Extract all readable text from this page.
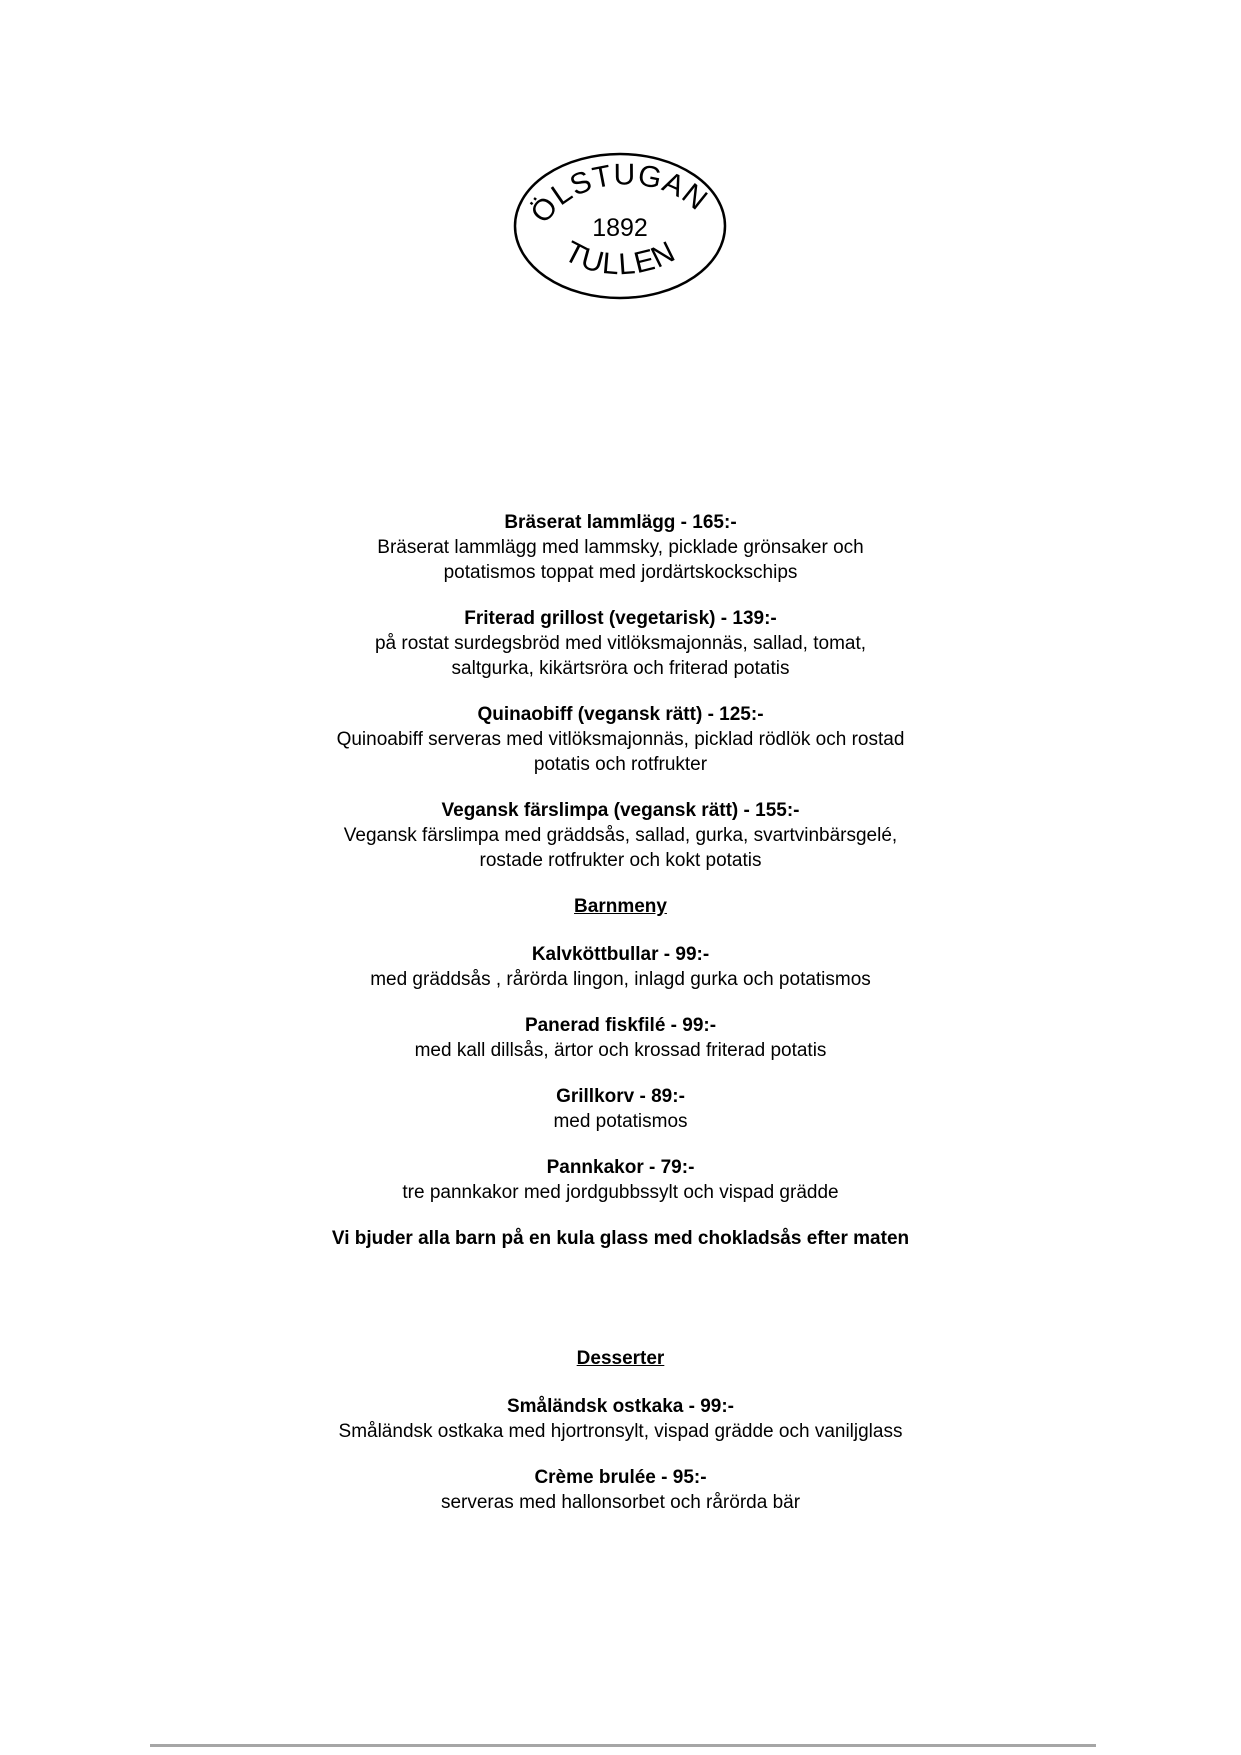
ÖLSTUGAN
1892
TULLEN
Bräserat lammlägg - 165:-
Bräserat lammlägg med lammsky, picklade grönsaker och
potatismos toppat med jordärtskockschips
Friterad grillost (vegetarisk) - 139:-
på rostat surdegsbröd med vitlöksmajonnäs, sallad, tomat,
saltgurka, kikärtsröra och friterad potatis
Quinaobiff (vegansk rätt) - 125:-
Quinoabiff serveras med vitlöksmajonnäs, picklad rödlök och rostad
potatis och rotfrukter
Vegansk färslimpa (vegansk rätt) - 155:-
Vegansk färslimpa med gräddsås, sallad, gurka, svartvinbärsgelé,
rostade rotfrukter och kokt potatis
Barnmeny
Kalvköttbullar - 99:-
med gräddsås , rårörda lingon, inlagd gurka och potatismos
Panerad fiskfilé - 99:-
med kall dillsås, ärtor och krossad friterad potatis
Grillkorv - 89:-
med potatismos
Pannkakor - 79:-
tre pannkakor med jordgubbssylt och vispad grädde
Vi bjuder alla barn på en kula glass med chokladsås efter maten
Desserter
Småländsk ostkaka - 99:-
Småländsk ostkaka med hjortronsylt, vispad grädde och vaniljglass
Crème brulée - 95:-
serveras med hallonsorbet och rårörda bär
